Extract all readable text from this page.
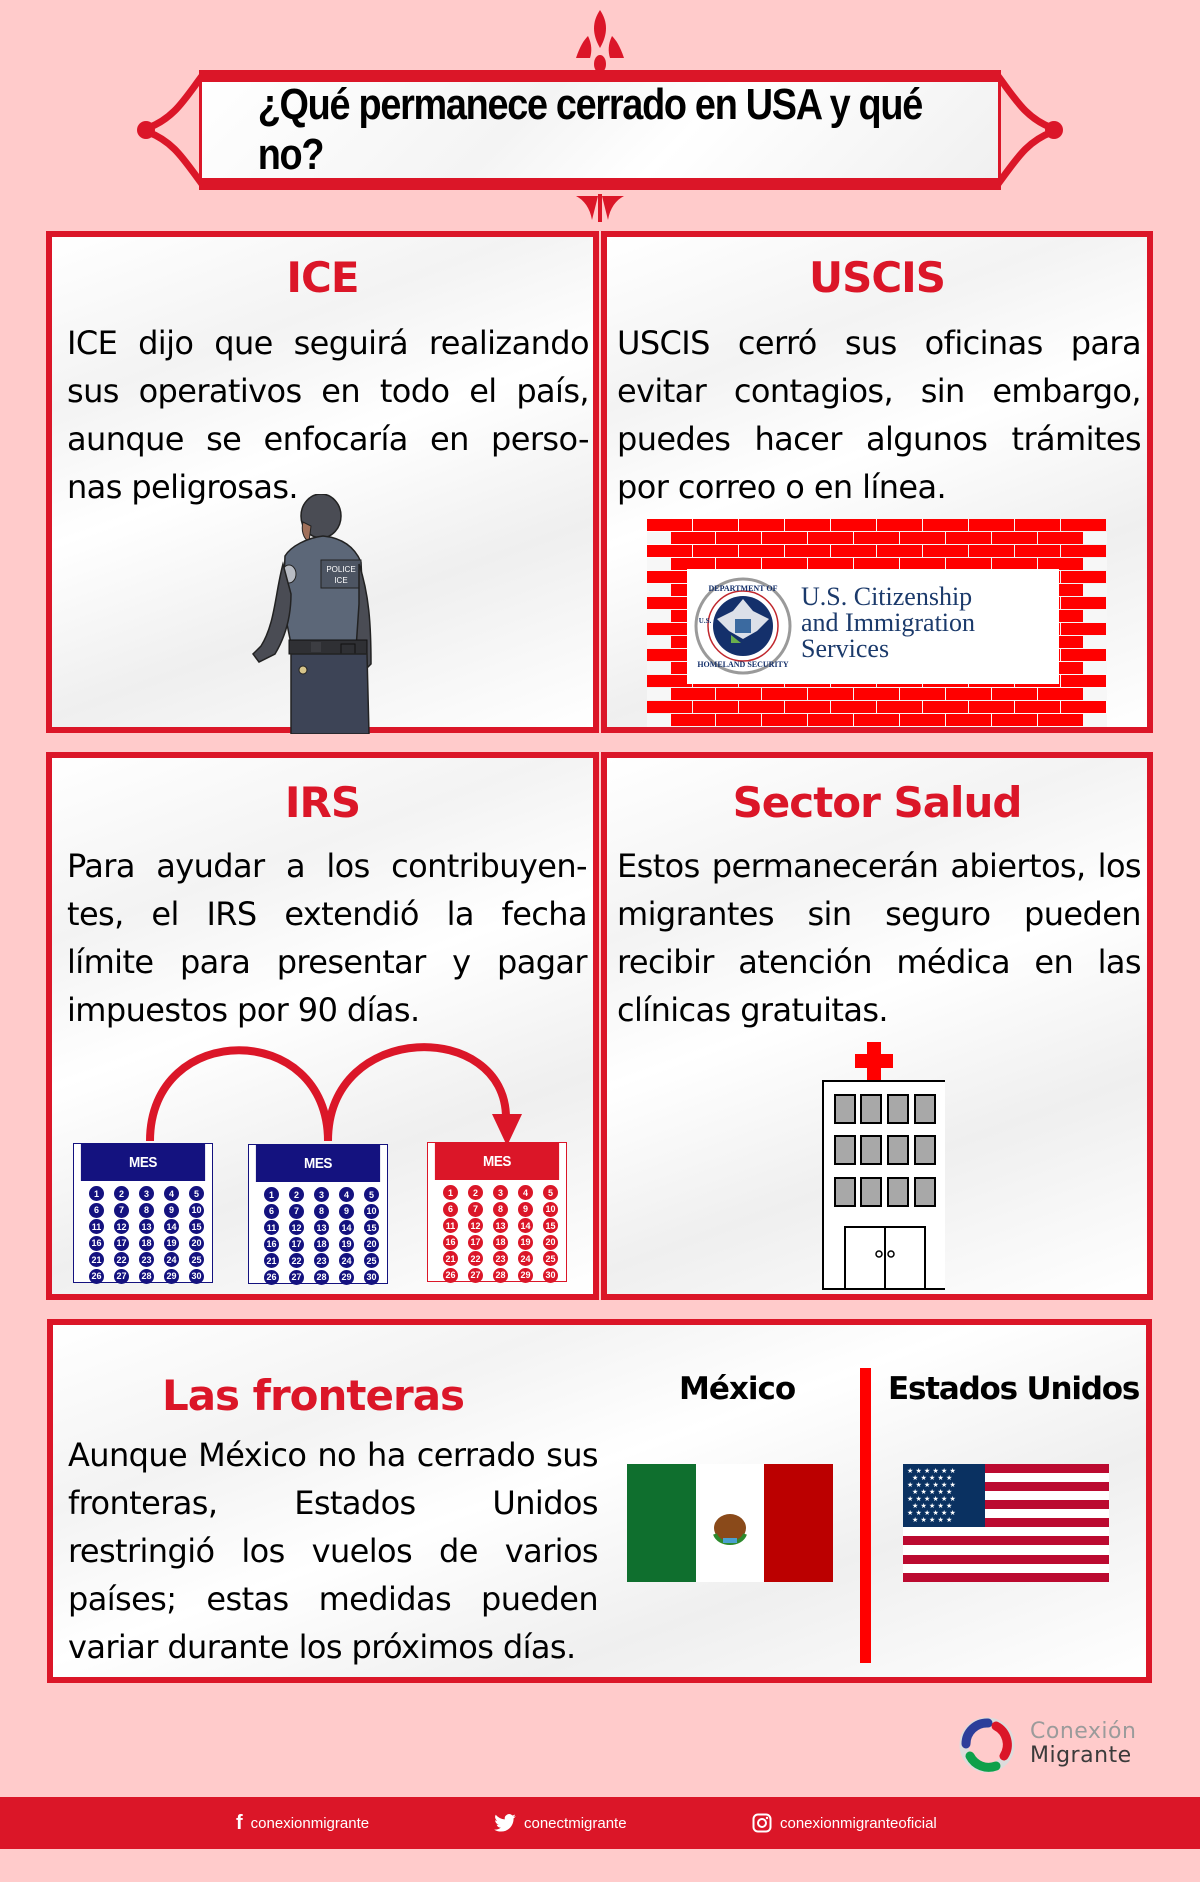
¿Qué permanece cerrado en USA y qué no?
ICE

ICE dijo que seguirá realizando sus operativos en todo el país, aunque se enfocaría en perso-nas peligrosas.

POLICE
ICE
USCIS

USCIS cerró sus oficinas para evitar contagios, sin embargo, puedes hacer algunos trámites por correo o en línea.

DEPARTMENT OF
HOMELAND SECURITY
U.S.
U.S. Citizenship
and Immigration
Services
IRS

Para ayudar a los contribuyen-tes, el IRS extendió la fecha límite para presentar y pagar impuestos por 90 días.

MES
1	2	3	4	5
6	7	8	9	10
11	12 13 14 15
16 17 18 19 20
21 22 23 24 25
26 27 28 29 30
MES
1	2	3	4	5
6	7	8	9	10
11	12 13 14 15
16 17 18 19 20
21 22 23 24 25
26 27 28 29 30
MES
1	2	3	4	5
6	7	8	9	10
11	12 13 14 15
16 17 18 19 20
21 22 23 24 25
26 27 28 29 30
Sector Salud

Estos permanecerán abiertos, los migrantes sin seguro pueden recibir atención médica en las clínicas gratuitas.

Las fronteras

Aunque México no ha cerrado sus fronteras, Estados Unidos restringió los vuelos de varios países; estas medidas pueden variar durante los próximos días.

México	Estados Unidos
★ ★ ★ ★ ★ ★
★ ★ ★ ★ ★
★ ★ ★ ★ ★ ★
★ ★ ★ ★ ★
★ ★ ★ ★ ★ ★
★ ★ ★ ★ ★
★ ★ ★ ★ ★ ★
★ ★ ★ ★ ★
Conexión
Migrante
f conexionmigrante	conectmigrante	conexionmigranteoficial
